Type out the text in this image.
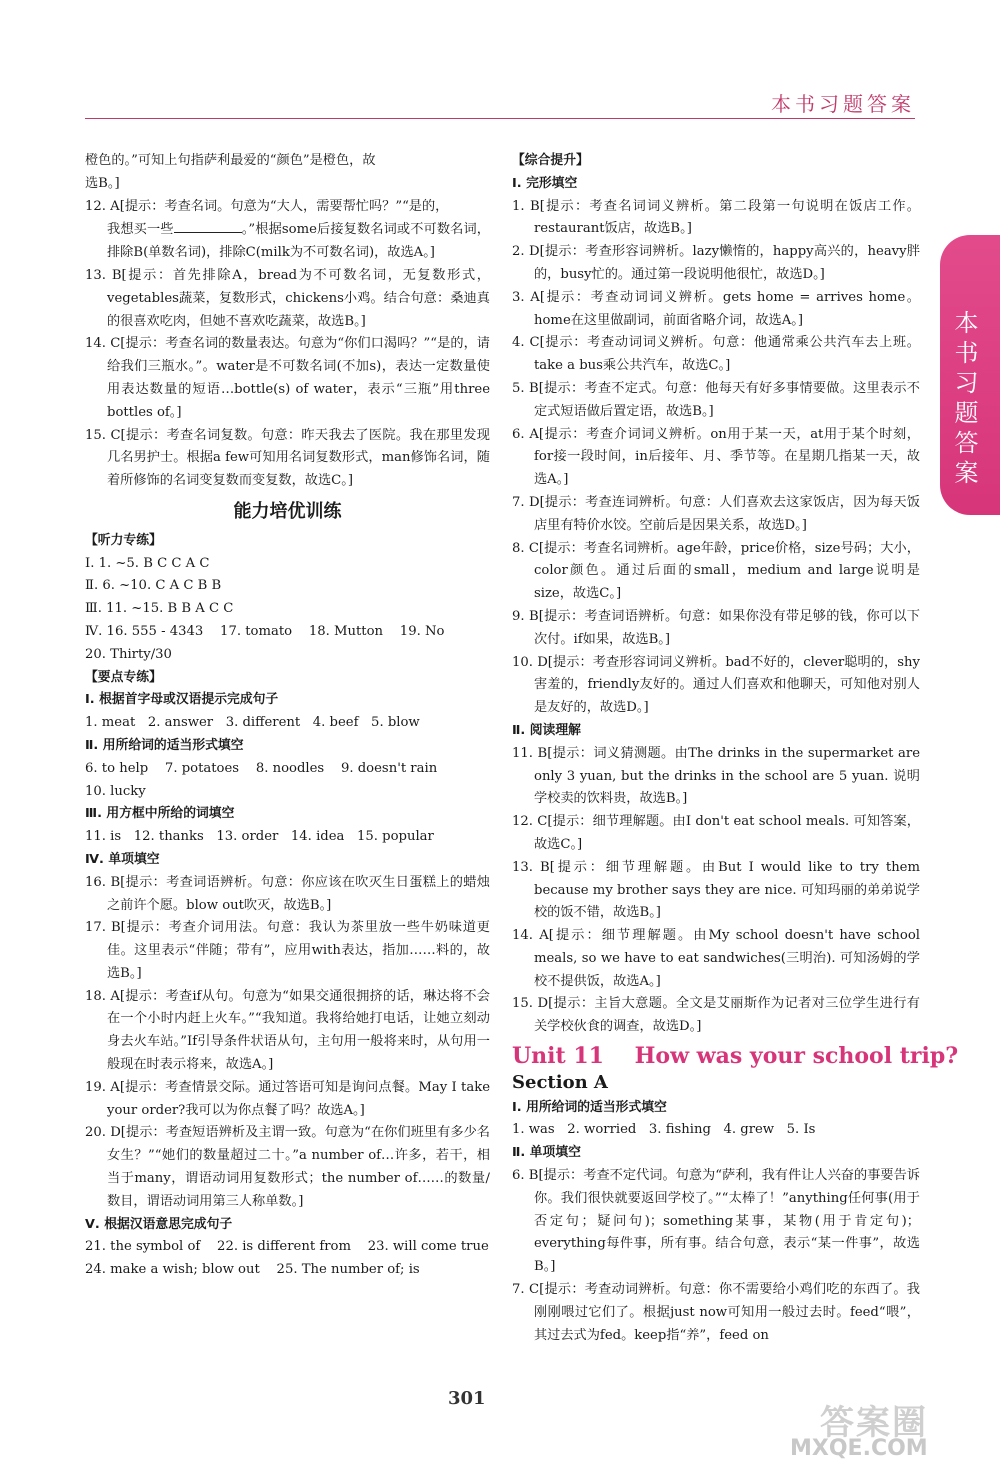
本书习题答案
本书习题答案

橙色的。”可知上句指萨利最爱的“颜色”是橙色，故

选B。]

12. A[提示：考查名词。句意为“大人，需要帮忙吗？”“是的，
我想买一些	。”根据some后接复数名词或不可数名词，排除B(单数名词)，排除C(milk为不可数名词)，故选A。]

13. B[提示：首先排除A，bread为不可数名词，无复数形式，vegetables蔬菜，复数形式，chickens小鸡。结合句意：桑迪真的很喜欢吃肉，但她不喜欢吃蔬菜，故选B。]

14. C[提示：考查名词的数量表达。句意为“你们口渴吗？”“是的，请给我们三瓶水。”。water是不可数名词(不加s)，表达一定数量使用表达数量的短语…bottle(s) of water，表示“三瓶”用three bottles of。]

15. C[提示：考查名词复数。句意：昨天我去了医院。我在那里发现几名男护士。根据a few可知用名词复数形式，man修饰名词，随着所修饰的名词变复数而变复数，故选C。]

能力培优训练

【听力专练】

Ⅰ. 1. ~5. B C C A C

Ⅱ. 6. ~10. C A C B B

Ⅲ. 11. ~15. B B A C C

Ⅳ. 16. 555 - 4343    17. tomato    18. Mutton    19. No

20. Thirty/30

【要点专练】

Ⅰ. 根据首字母或汉语提示完成句子

1. meat   2. answer   3. different   4. beef   5. blow

Ⅱ. 用所给词的适当形式填空

6. to help    7. potatoes    8. noodles    9. doesn't rain

10. lucky

Ⅲ. 用方框中所给的词填空

11. is   12. thanks   13. order   14. idea   15. popular

Ⅳ. 单项填空

16. B[提示：考查词语辨析。句意：你应该在吹灭生日蛋糕上的蜡烛之前许个愿。blow out吹灭，故选B。]

17. B[提示：考查介词用法。句意：我认为茶里放一些牛奶味道更佳。这里表示“伴随；带有”，应用with表达，指加……料的，故选B。]

18. A[提示：考查if从句。句意为“如果交通很拥挤的话，琳达将不会在一个小时内赶上火车。”“我知道。我将给她打电话，让她立刻动身去火车站。”If引导条件状语从句，主句用一般将来时，从句用一般现在时表示将来，故选A。]

19. A[提示：考查情景交际。通过答语可知是询问点餐。May I take your order?我可以为你点餐了吗？故选A。]

20. D[提示：考查短语辨析及主谓一致。句意为“在你们班里有多少名女生？”“她们的数量超过二十。”a number of…许多，若干，相当于many，谓语动词用复数形式；the number of……的数量/数目，谓语动词用第三人称单数。]

Ⅴ. 根据汉语意思完成句子

21. the symbol of    22. is different from    23. will come true

24. make a wish; blow out    25. The number of; is

【综合提升】

Ⅰ. 完形填空

1. B[提示：考查名词词义辨析。第二段第一句说明在饭店工作。restaurant饭店，故选B。]

2. D[提示：考查形容词辨析。lazy懒惰的，happy高兴的，heavy胖的，busy忙的。通过第一段说明他很忙，故选D。]

3. A[提示：考查动词词义辨析。gets home = arrives home。home在这里做副词，前面省略介词，故选A。]

4. C[提示：考查动词词义辨析。句意：他通常乘公共汽车去上班。take a bus乘公共汽车，故选C。]

5. B[提示：考查不定式。句意：他每天有好多事情要做。这里表示不定式短语做后置定语，故选B。]

6. A[提示：考查介词词义辨析。on用于某一天，at用于某个时刻，for接一段时间，in后接年、月、季节等。在星期几指某一天，故选A。]

7. D[提示：考查连词辨析。句意：人们喜欢去这家饭店，因为每天饭店里有特价水饺。空前后是因果关系，故选D。]

8. C[提示：考查名词辨析。age年龄，price价格，size号码；大小，color颜色。通过后面的small，medium and large说明是size，故选C。]

9. B[提示：考查词语辨析。句意：如果你没有带足够的钱，你可以下次付。if如果，故选B。]

10. D[提示：考查形容词词义辨析。bad不好的，clever聪明的，shy害羞的，friendly友好的。通过人们喜欢和他聊天，可知他对别人是友好的，故选D。]

Ⅱ. 阅读理解

11. B[提示：词义猜测题。由The drinks in the supermarket are only 3 yuan, but the drinks in the school are 5 yuan. 说明学校卖的饮料贵，故选B。]

12. C[提示：细节理解题。由I don't eat school meals. 可知答案，故选C。]

13. B[提示：细节理解题。由But I would like to try them because my brother says they are nice. 可知玛丽的弟弟说学校的饭不错，故选B。]

14. A[提示：细节理解题。由My school doesn't have school meals, so we have to eat sandwiches(三明治). 可知汤姆的学校不提供饭，故选A。]

15. D[提示：主旨大意题。全文是艾丽斯作为记者对三位学生进行有关学校伙食的调查，故选D。]

Unit 11    How was your school trip?
Section A

Ⅰ. 用所给词的适当形式填空

1. was   2. worried   3. fishing   4. grew   5. Is

Ⅱ. 单项填空

6. B[提示：考查不定代词。句意为“萨利，我有件让人兴奋的事要告诉你。我们很快就要返回学校了。”“太棒了！”anything任何事(用于否定句；疑问句)；something某事，某物(用于肯定句)；everything每件事，所有事。结合句意，表示“某一件事”，故选B。]

7. C[提示：考查动词辨析。句意：你不需要给小鸡们吃的东西了。我刚刚喂过它们了。根据just now可知用一般过去时。feed“喂”，其过去式为fed。keep指“养”，feed on

301
答案圈
MXQE.COM
